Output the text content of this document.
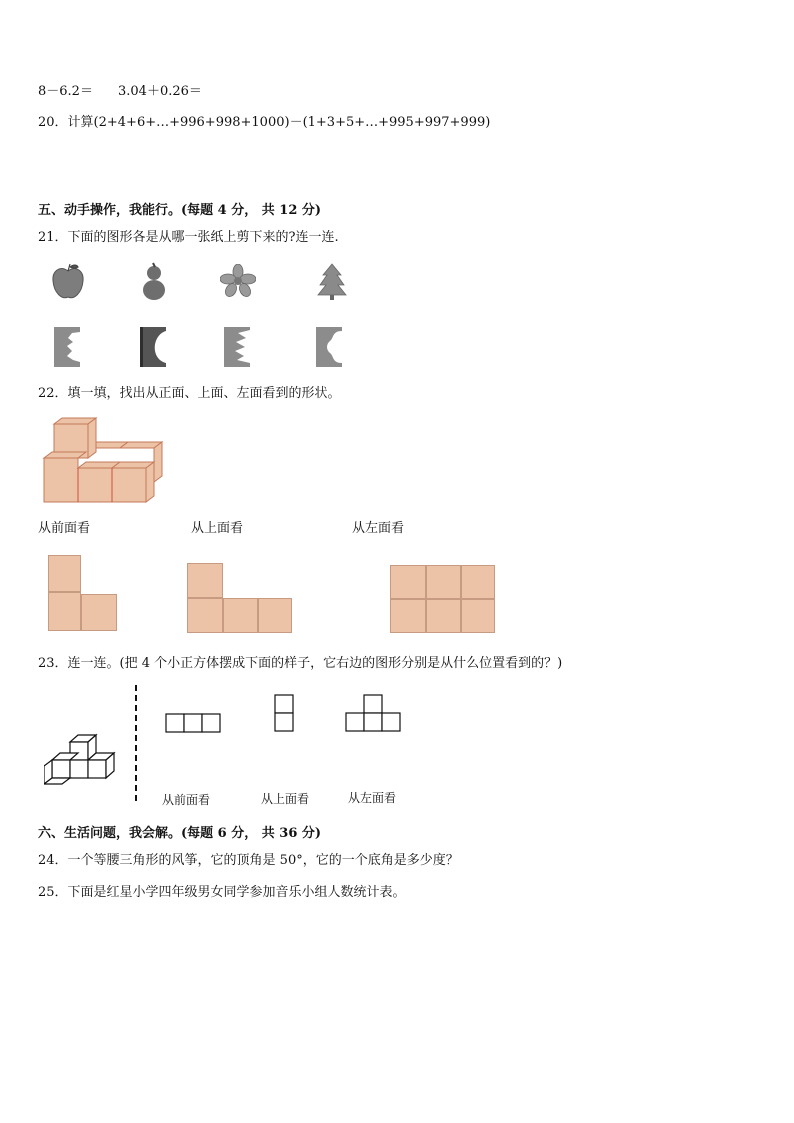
8－6.2＝ 3.04＋0.26＝
20．计算(2+4+6+…+996+998+1000)－(1+3+5+…+995+997+999)
五、动手操作，我能行。(每题 4 分， 共 12 分)
21．下面的图形各是从哪一张纸上剪下来的?连一连.
22．填一填，找出从正面、上面、左面看到的形状。
从前面看	从上面看	从左面看
23．连一连。(把 4 个小正方体摆成下面的样子，它右边的图形分别是从什么位置看到的？)
从前面看	从上面看	从左面看
六、生活问题，我会解。(每题 6 分， 共 36 分)
24．一个等腰三角形的风筝，它的顶角是 50°，它的一个底角是多少度？
25．下面是红星小学四年级男女同学参加音乐小组人数统计表。
